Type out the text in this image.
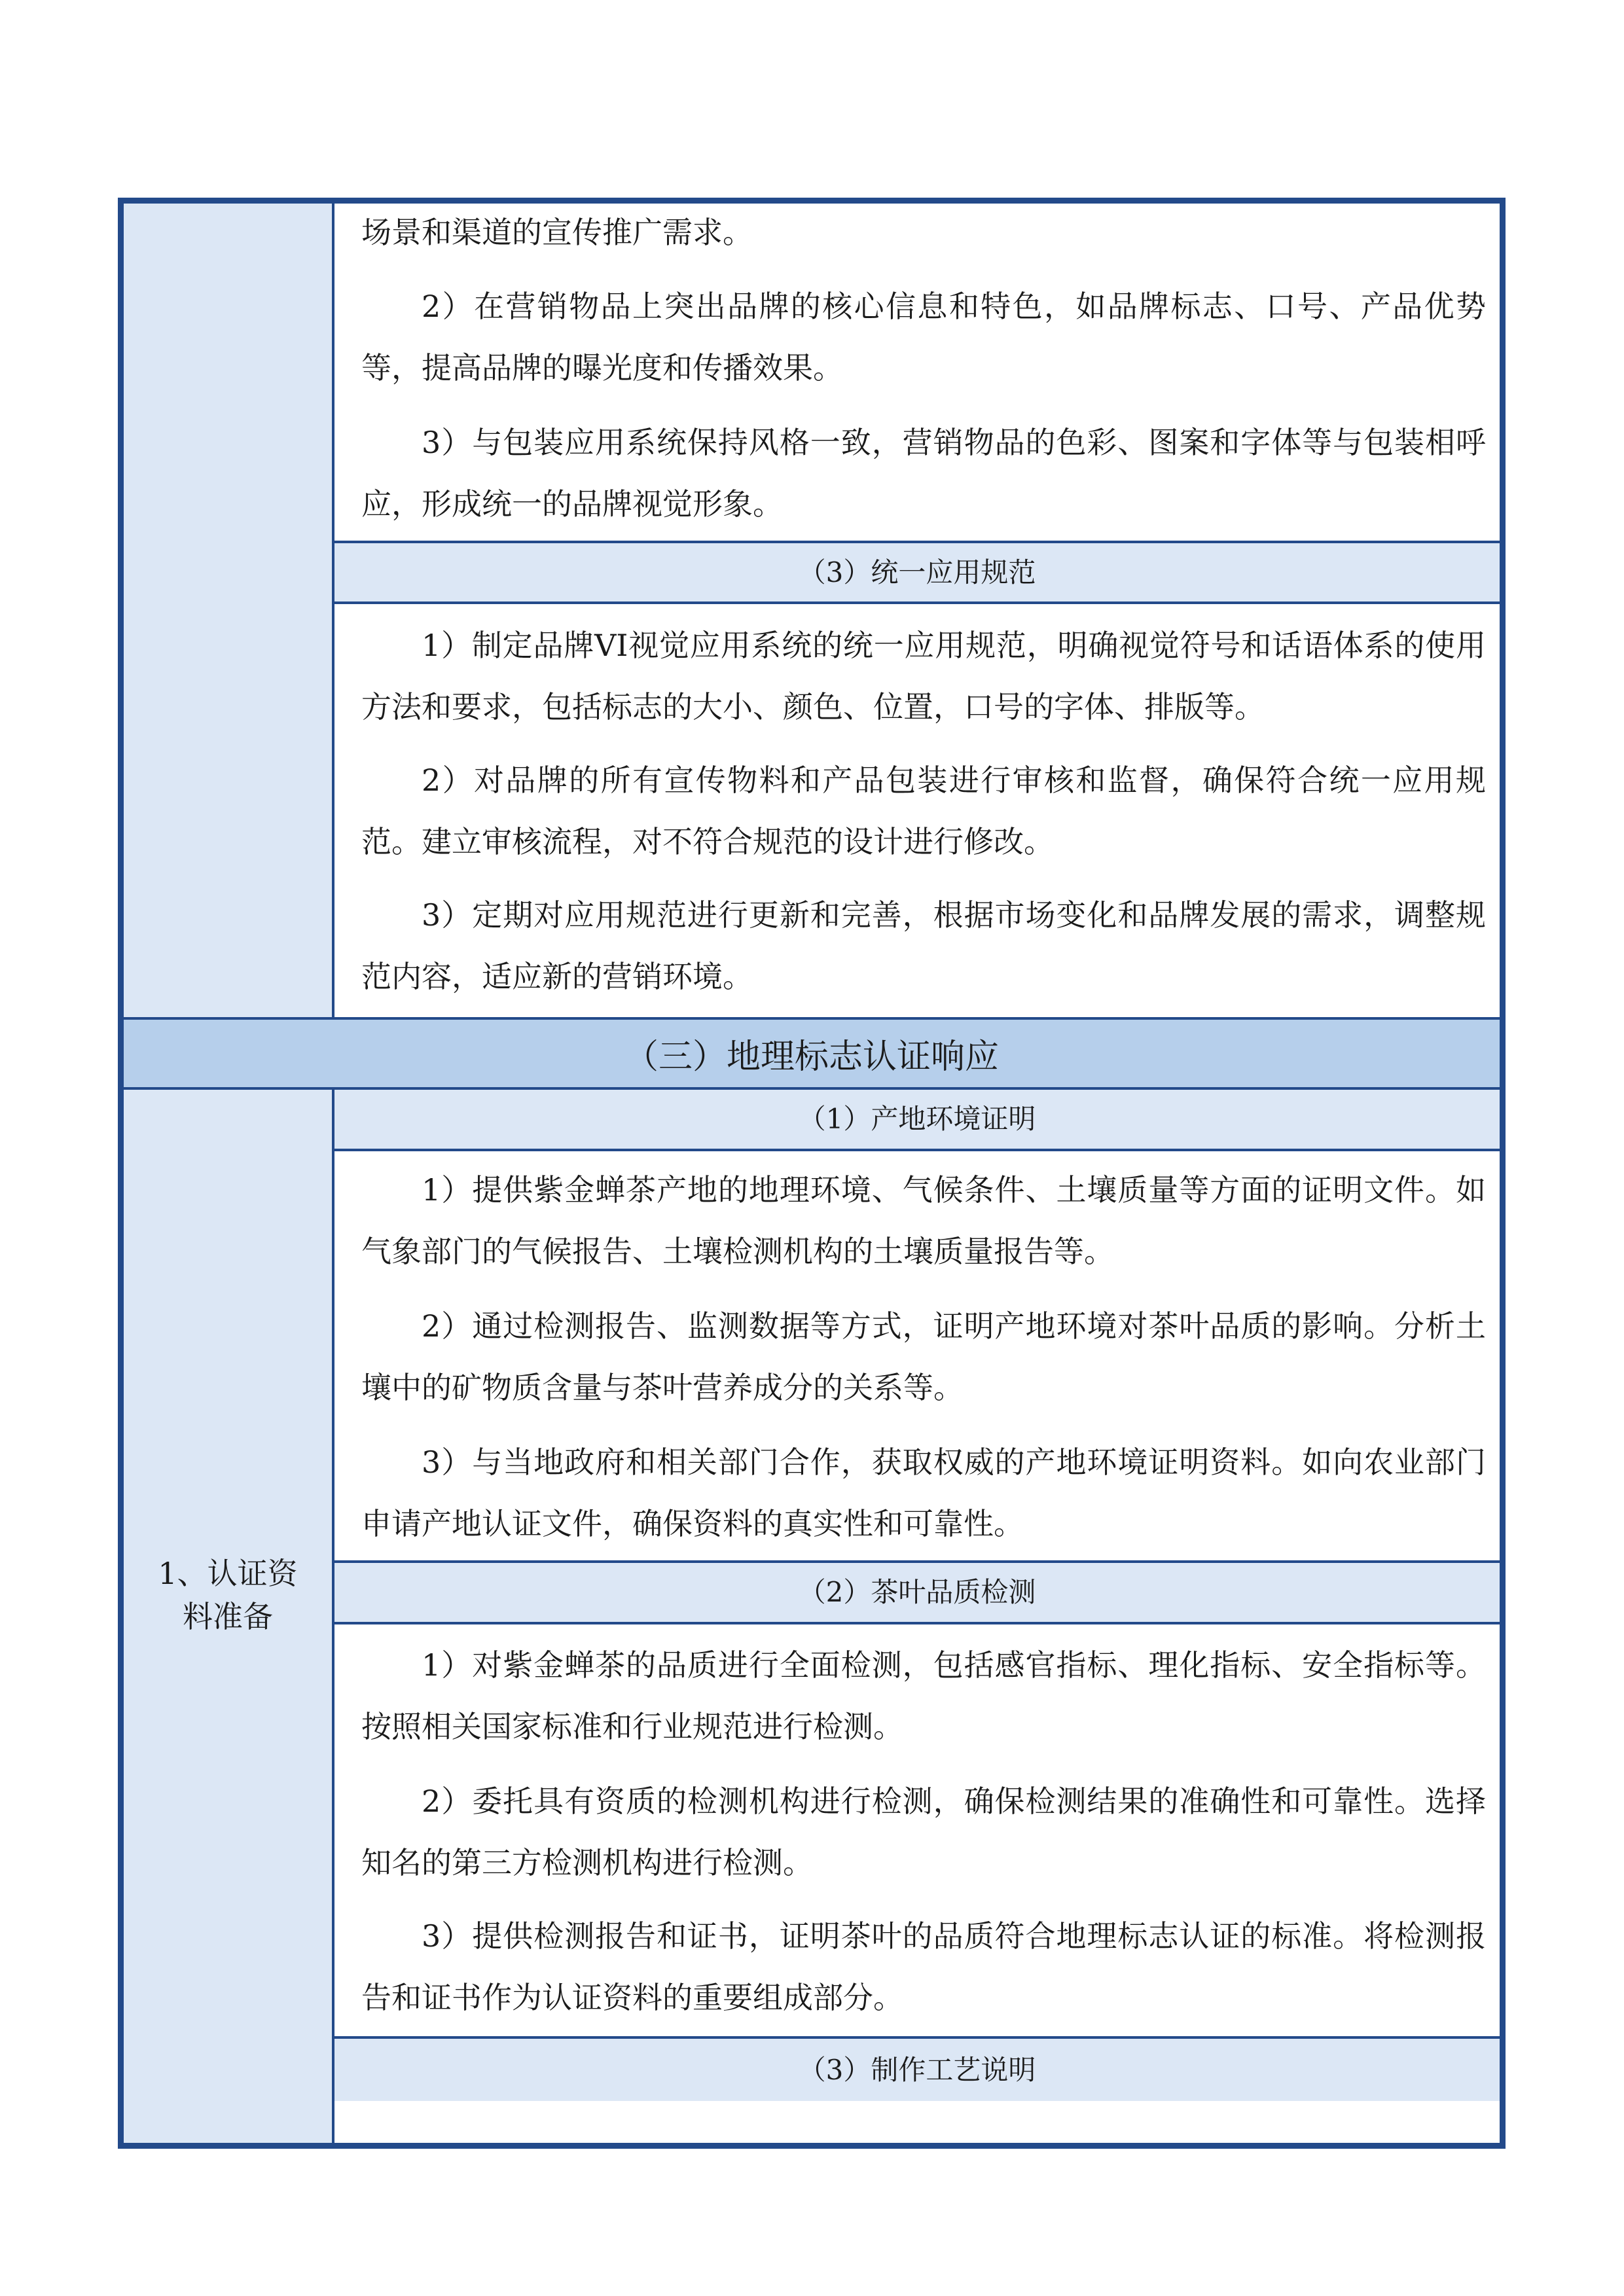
场景和渠道的宣传推广需求。

2）在营销物品上突出品牌的核心信息和特色，如品牌标志、口号、产品优势等，提高品牌的曝光度和传播效果。

3）与包装应用系统保持风格一致，营销物品的色彩、图案和字体等与包装相呼应，形成统一的品牌视觉形象。

（3）统一应用规范

1）制定品牌VI视觉应用系统的统一应用规范，明确视觉符号和话语体系的使用方法和要求，包括标志的大小、颜色、位置，口号的字体、排版等。

2）对品牌的所有宣传物料和产品包装进行审核和监督，确保符合统一应用规范。建立审核流程，对不符合规范的设计进行修改。

3）定期对应用规范进行更新和完善，根据市场变化和品牌发展的需求，调整规范内容，适应新的营销环境。

（三）地理标志认证响应
1、认证资
料准备
（1）产地环境证明

1）提供紫金蝉茶产地的地理环境、气候条件、土壤质量等方面的证明文件。如气象部门的气候报告、土壤检测机构的土壤质量报告等。

2）通过检测报告、监测数据等方式，证明产地环境对茶叶品质的影响。分析土壤中的矿物质含量与茶叶营养成分的关系等。

3）与当地政府和相关部门合作，获取权威的产地环境证明资料。如向农业部门申请产地认证文件，确保资料的真实性和可靠性。

（2）茶叶品质检测

1）对紫金蝉茶的品质进行全面检测，包括感官指标、理化指标、安全指标等。按照相关国家标准和行业规范进行检测。

2）委托具有资质的检测机构进行检测，确保检测结果的准确性和可靠性。选择知名的第三方检测机构进行检测。

3）提供检测报告和证书，证明茶叶的品质符合地理标志认证的标准。将检测报告和证书作为认证资料的重要组成部分。

（3）制作工艺说明
